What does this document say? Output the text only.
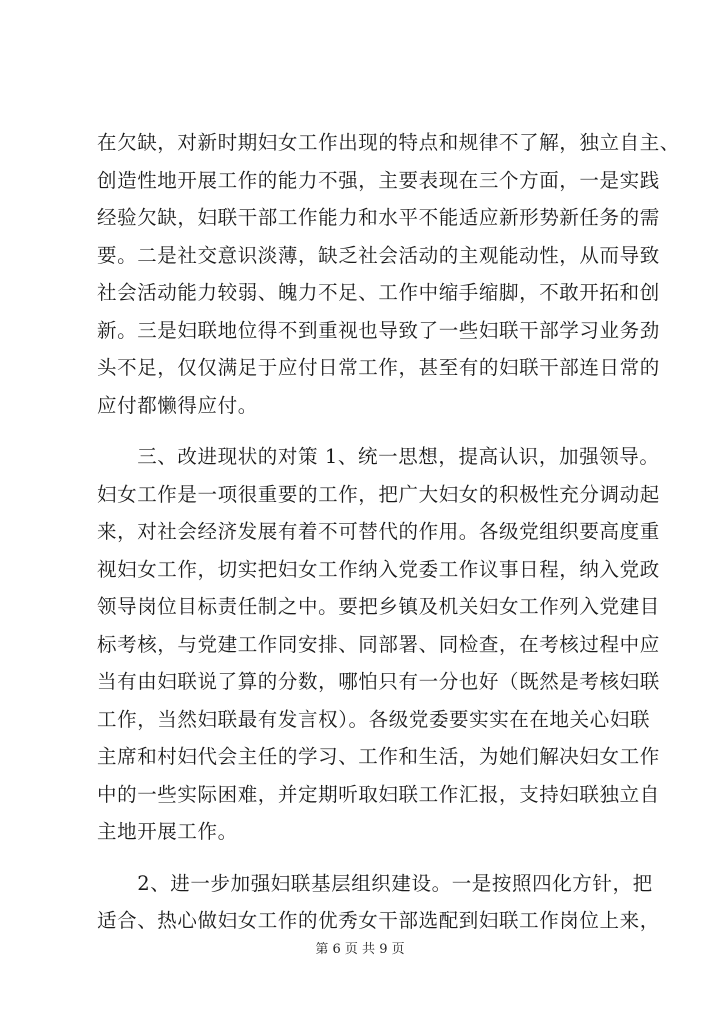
在欠缺，对新时期妇女工作出现的特点和规律不了解，独立自主、
创造性地开展工作的能力不强，主要表现在三个方面，一是实践
经验欠缺，妇联干部工作能力和水平不能适应新形势新任务的需
要。二是社交意识淡薄，缺乏社会活动的主观能动性，从而导致
社会活动能力较弱、魄力不足、工作中缩手缩脚，不敢开拓和创
新。三是妇联地位得不到重视也导致了一些妇联干部学习业务劲
头不足，仅仅满足于应付日常工作，甚至有的妇联干部连日常的
应付都懒得应付。

　　三、改进现状的对策 1、统一思想，提高认识，加强领导。
妇女工作是一项很重要的工作，把广大妇女的积极性充分调动起
来，对社会经济发展有着不可替代的作用。各级党组织要高度重
视妇女工作，切实把妇女工作纳入党委工作议事日程，纳入党政
领导岗位目标责任制之中。要把乡镇及机关妇女工作列入党建目
标考核，与党建工作同安排、同部署、同检查，在考核过程中应
当有由妇联说了算的分数，哪怕只有一分也好（既然是考核妇联
工作，当然妇联最有发言权）。各级党委要实实在在地关心妇联
主席和村妇代会主任的学习、工作和生活，为她们解决妇女工作
中的一些实际困难，并定期听取妇联工作汇报，支持妇联独立自
主地开展工作。

　　2、进一步加强妇联基层组织建设。一是按照四化方针，把
适合、热心做妇女工作的优秀女干部选配到妇联工作岗位上来，

第 6 页 共 9 页
